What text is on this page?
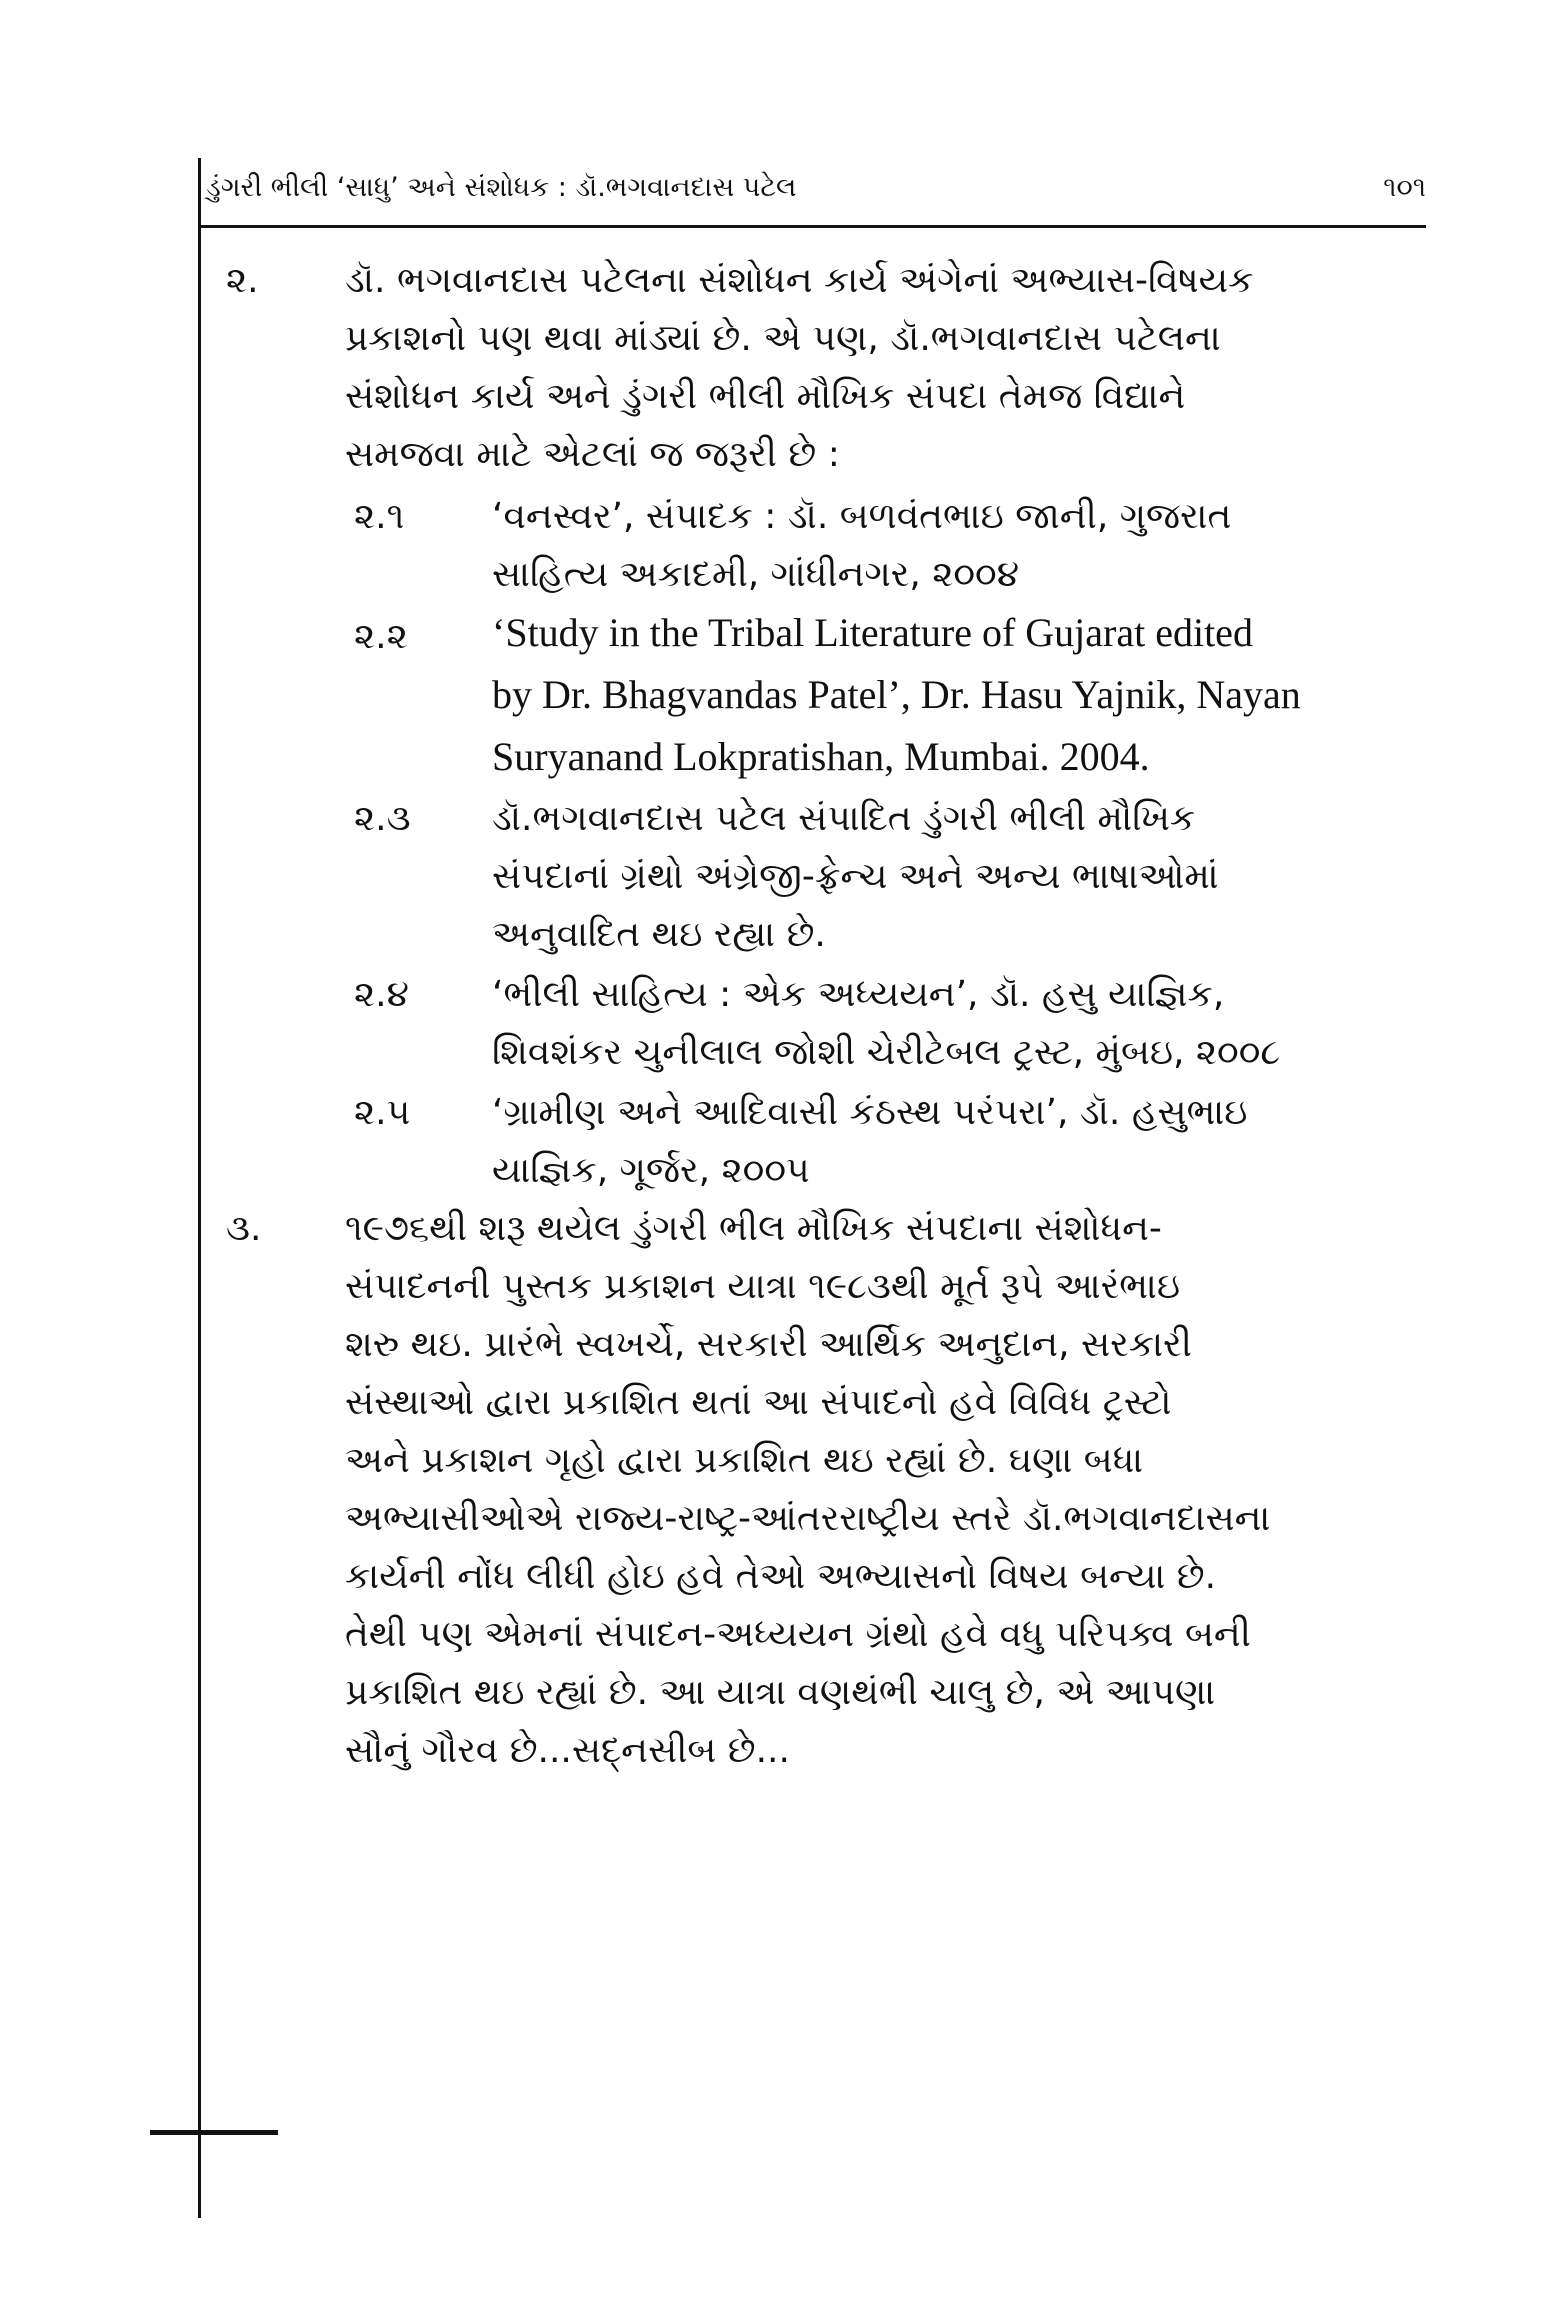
ડુંગરી ભીલી ‘સાધુ’ અને સંશોધક : ડૉ.ભગવાનદાસ પટેલ	૧૦૧
૨. ડૉ. ભગવાનદાસ પટેલના સંશોધન કાર્ય અંગેનાં અભ્યાસ-વિષયક
પ્રકાશનો પણ થવા માંડ્યાં છે. એ પણ, ડૉ.ભગવાનદાસ પટેલના
સંશોધન કાર્ય અને ડુંગરી ભીલી મૌખિક સંપદા તેમજ વિદ્યાને
સમજવા માટે એટલાં જ જરૂરી છે :
૨.૧ ‘વનસ્વર’, સંપાદક : ડૉ. બળવંતભાઇ જાની, ગુજરાત
સાહિત્ય અકાદમી, ગાંધીનગર, ૨૦૦૪
૨.૨ ‘Study in the Tribal Literature of Gujarat edited
by Dr. Bhagvandas Patel’, Dr. Hasu Yajnik, Nayan
Suryanand Lokpratishan, Mumbai. 2004.
૨.૩ ડૉ.ભગવાનદાસ પટેલ સંપાદિત ડુંગરી ભીલી મૌખિક
સંપદાનાં ગ્રંથો અંગ્રેજી-ફ્રેન્ચ અને અન્ય ભાષાઓમાં
અનુવાદિત થઇ રહ્યા છે.
૨.૪ ‘ભીલી સાહિત્ય : એક અધ્યયન’, ડૉ. હસુ યાજ્ઞિક,
શિવશંકર ચુનીલાલ જોશી ચેરીટેબલ ટ્રસ્ટ, મુંબઇ, ૨૦૦૮
૨.૫ ‘ગ્રામીણ અને આદિવાસી કંઠસ્થ પરંપરા’, ડૉ. હસુભાઇ
યાજ્ઞિક, ગૂર્જર, ૨૦૦૫
૩. ૧૯૭૬થી શરૂ થયેલ ડુંગરી ભીલ મૌખિક સંપદાના સંશોધન-
સંપાદનની પુસ્તક પ્રકાશન યાત્રા ૧૯૮૩થી મૂર્ત રૂપે આરંભાઇ
શરુ થઇ. પ્રારંભે સ્વખર્ચે, સરકારી આર્થિક અનુદાન, સરકારી
સંસ્થાઓ દ્વારા પ્રકાશિત થતાં આ સંપાદનો હવે વિવિધ ટ્રસ્ટો
અને પ્રકાશન ગૃહો દ્વારા પ્રકાશિત થઇ રહ્યાં છે. ઘણા બધા
અભ્યાસીઓએ રાજ્ય-રાષ્ટ્ર-આંતરરાષ્ટ્રીય સ્તરે ડૉ.ભગવાનદાસના
કાર્યની નોંધ લીધી હોઇ હવે તેઓ અભ્યાસનો વિષય બન્યા છે.
તેથી પણ એમનાં સંપાદન-અધ્યયન ગ્રંથો હવે વધુ પરિપક્વ બની
પ્રકાશિત થઇ રહ્યાં છે. આ યાત્રા વણથંભી ચાલુ છે, એ આપણા
સૌનું ગૌરવ છે...સદ્નસીબ છે...
